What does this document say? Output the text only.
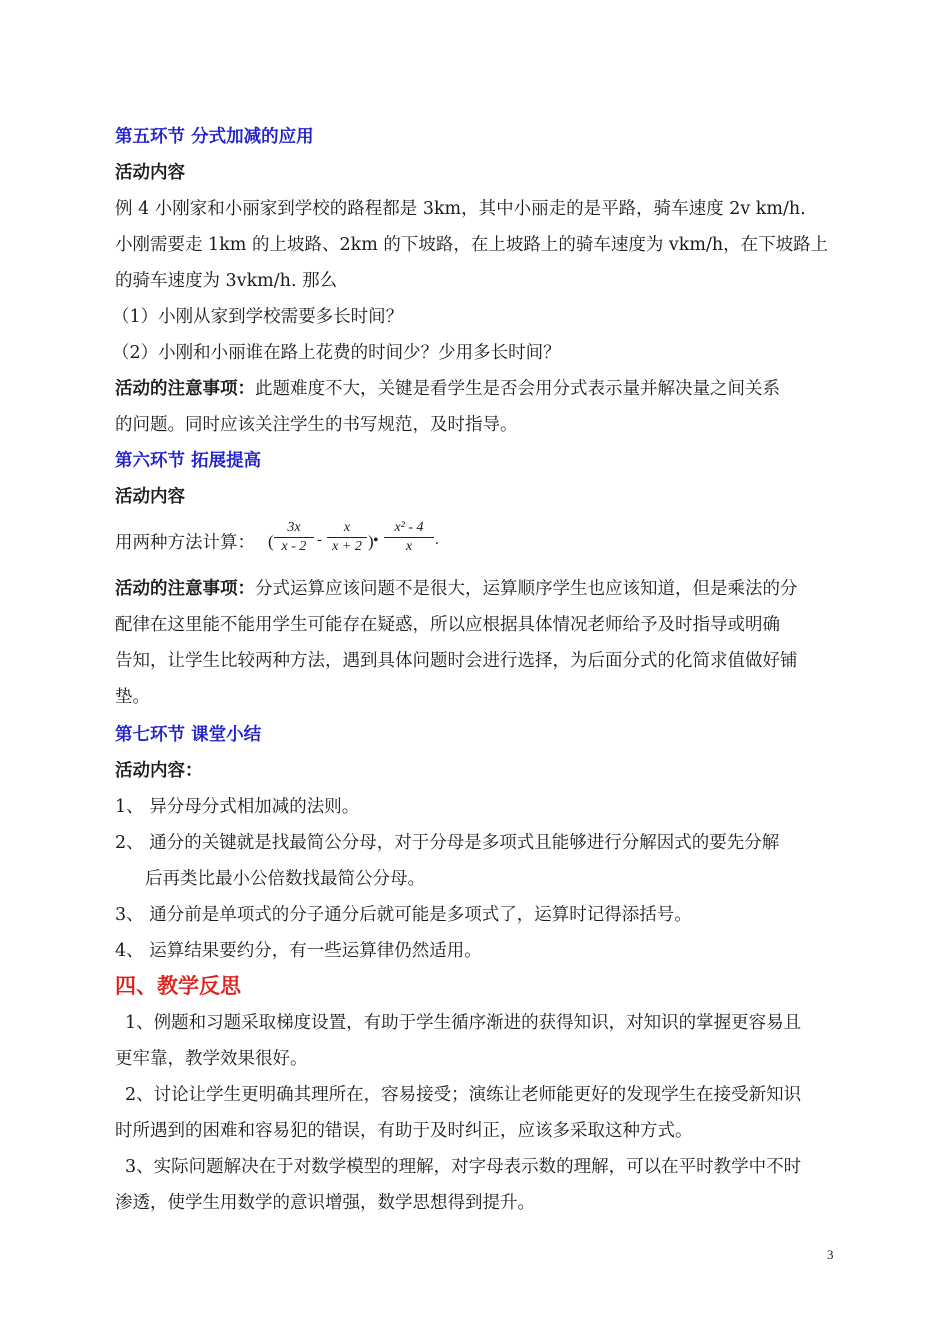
第五环节 分式加减的应用
活动内容
例 4 小刚家和小丽家到学校的路程都是 3km，其中小丽走的是平路，骑车速度 2v km/h.
小刚需要走 1km 的上坡路、2km 的下坡路，在上坡路上的骑车速度为 vkm/h，在下坡路上
的骑车速度为 3vkm/h. 那么
（1）小刚从家到学校需要多长时间？
（2）小刚和小丽谁在路上花费的时间少？少用多长时间？
活动的注意事项：此题难度不大，关键是看学生是否会用分式表示量并解决量之间关系
的问题。同时应该关注学生的书写规范，及时指导。
第六环节 拓展提高
活动内容
用两种方法计算： (
3x
x - 2 -
x
x + 2 ) •
x² - 4
x	.
活动的注意事项：分式运算应该问题不是很大，运算顺序学生也应该知道，但是乘法的分
配律在这里能不能用学生可能存在疑惑，所以应根据具体情况老师给予及时指导或明确
告知，让学生比较两种方法，遇到具体问题时会进行选择，为后面分式的化简求值做好铺
垫。
第七环节 课堂小结
活动内容：
1、 异分母分式相加减的法则。
2、 通分的关键就是找最简公分母，对于分母是多项式且能够进行分解因式的要先分解
后再类比最小公倍数找最简公分母。
3、 通分前是单项式的分子通分后就可能是多项式了，运算时记得添括号。
4、 运算结果要约分，有一些运算律仍然适用。
四、教学反思
1、例题和习题采取梯度设置，有助于学生循序渐进的获得知识，对知识的掌握更容易且
更牢靠，教学效果很好。
2、讨论让学生更明确其理所在，容易接受；演练让老师能更好的发现学生在接受新知识
时所遇到的困难和容易犯的错误，有助于及时纠正，应该多采取这种方式。
3、实际问题解决在于对数学模型的理解，对字母表示数的理解，可以在平时教学中不时
渗透，使学生用数学的意识增强，数学思想得到提升。
3
